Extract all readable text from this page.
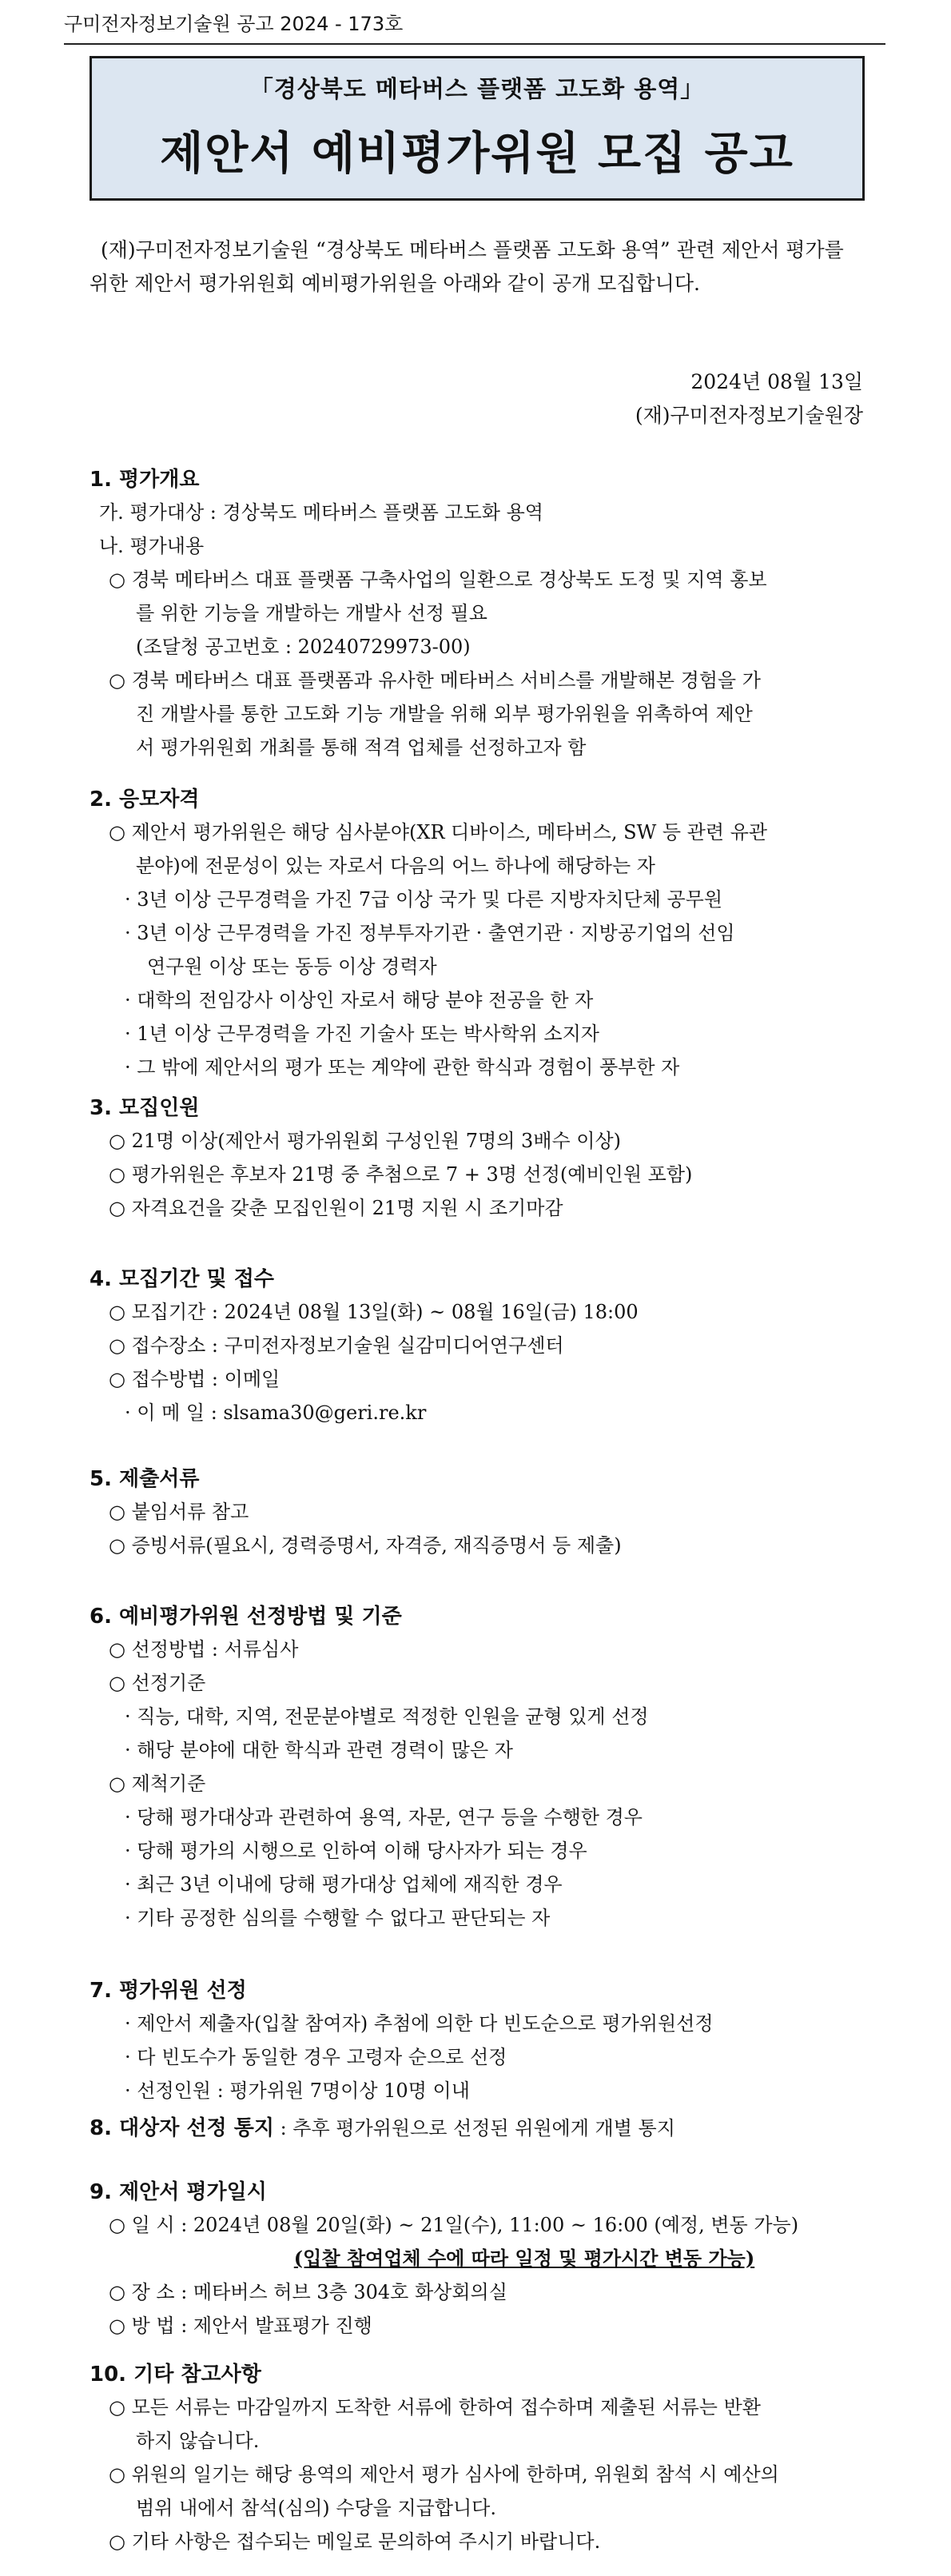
구미전자정보기술원 공고 2024 - 173호
「경상북도 메타버스 플랫폼 고도화 용역」
제안서 예비평가위원 모집 공고
(재)구미전자정보기술원 “경상북도 메타버스 플랫폼 고도화 용역” 관련 제안서 평가를 위한 제안서 평가위원회 예비평가위원을 아래와 같이 공개 모집합니다.
2024년 08월 13일
(재)구미전자정보기술원장
1. 평가개요
가. 평가대상 : 경상북도 메타버스 플랫폼 고도화 용역
나. 평가내용
○ 경북 메타버스 대표 플랫폼 구축사업의 일환으로 경상북도 도정 및 지역 홍보
를 위한 기능을 개발하는 개발사 선정 필요
(조달청 공고번호 : 20240729973-00)
○ 경북 메타버스 대표 플랫폼과 유사한 메타버스 서비스를 개발해본 경험을 가
진 개발사를 통한 고도화 기능 개발을 위해 외부 평가위원을 위촉하여 제안
서 평가위원회 개최를 통해 적격 업체를 선정하고자 함
2. 응모자격
○ 제안서 평가위원은 해당 심사분야(XR 디바이스, 메타버스, SW 등 관련 유관
분야)에 전문성이 있는 자로서 다음의 어느 하나에 해당하는 자
· 3년 이상 근무경력을 가진 7급 이상 국가 및 다른 지방자치단체 공무원
· 3년 이상 근무경력을 가진 정부투자기관 · 출연기관 · 지방공기업의 선임
연구원 이상 또는 동등 이상 경력자
· 대학의 전임강사 이상인 자로서 해당 분야 전공을 한 자
· 1년 이상 근무경력을 가진 기술사 또는 박사학위 소지자
· 그 밖에 제안서의 평가 또는 계약에 관한 학식과 경험이 풍부한 자
3. 모집인원
○ 21명 이상(제안서 평가위원회 구성인원 7명의 3배수 이상)
○ 평가위원은 후보자 21명 중 추첨으로 7 + 3명 선정(예비인원 포함)
○ 자격요건을 갖춘 모집인원이 21명 지원 시 조기마감
4. 모집기간 및 접수
○ 모집기간 : 2024년 08월 13일(화) ~ 08월 16일(금) 18:00
○ 접수장소 : 구미전자정보기술원 실감미디어연구센터
○ 접수방법 : 이메일
· 이 메 일 : slsama30@geri.re.kr
5. 제출서류
○ 붙임서류 참고
○ 증빙서류(필요시, 경력증명서, 자격증, 재직증명서 등 제출)
6. 예비평가위원 선정방법 및 기준
○ 선정방법 : 서류심사
○ 선정기준
· 직능, 대학, 지역, 전문분야별로 적정한 인원을 균형 있게 선정
· 해당 분야에 대한 학식과 관련 경력이 많은 자
○ 제척기준
· 당해 평가대상과 관련하여 용역, 자문, 연구 등을 수행한 경우
· 당해 평가의 시행으로 인하여 이해 당사자가 되는 경우
· 최근 3년 이내에 당해 평가대상 업체에 재직한 경우
· 기타 공정한 심의를 수행할 수 없다고 판단되는 자
7. 평가위원 선정
· 제안서 제출자(입찰 참여자) 추첨에 의한 다 빈도순으로 평가위원선정
· 다 빈도수가 동일한 경우 고령자 순으로 선정
· 선정인원 : 평가위원 7명이상 10명 이내
8. 대상자 선정 통지 : 추후 평가위원으로 선정된 위원에게 개별 통지
9. 제안서 평가일시
○ 일 시 : 2024년 08월 20일(화) ~ 21일(수), 11:00 ~ 16:00 (예정, 변동 가능)
(입찰 참여업체 수에 따라 일정 및 평가시간 변동 가능)
○ 장 소 : 메타버스 허브 3층 304호 화상회의실
○ 방 법 : 제안서 발표평가 진행
10. 기타 참고사항
○ 모든 서류는 마감일까지 도착한 서류에 한하여 접수하며 제출된 서류는 반환
하지 않습니다.
○ 위원의 일기는 해당 용역의 제안서 평가 심사에 한하며, 위원회 참석 시 예산의
범위 내에서 참석(심의) 수당을 지급합니다.
○ 기타 사항은 접수되는 메일로 문의하여 주시기 바랍니다.
